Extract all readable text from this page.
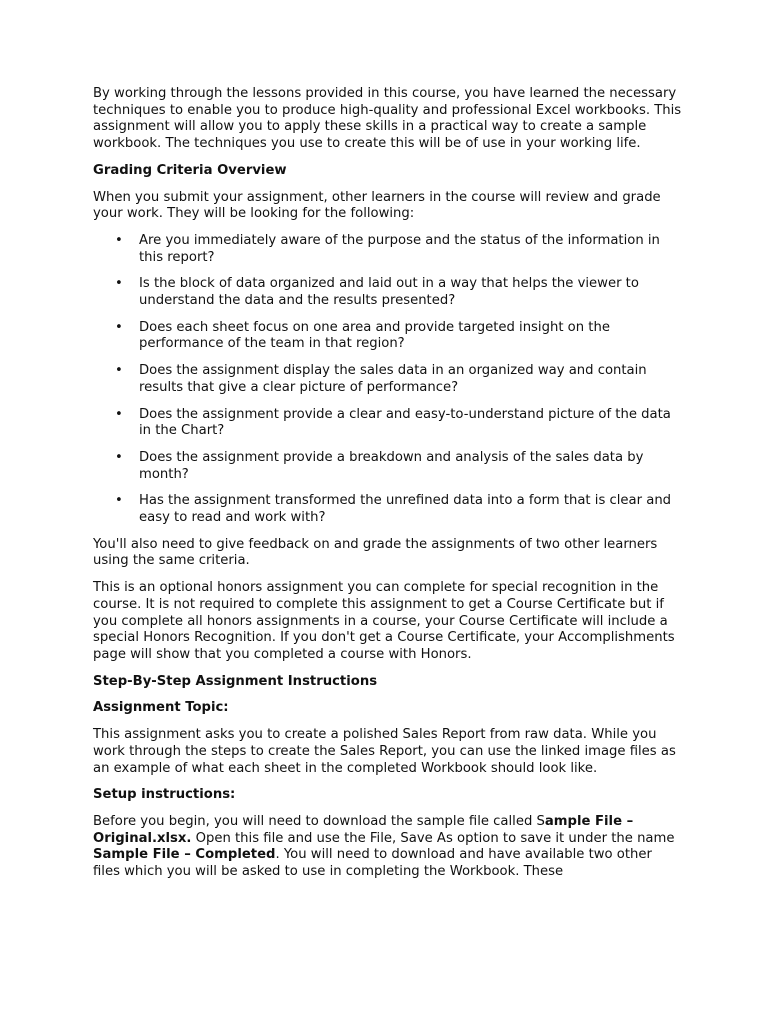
By working through the lessons provided in this course, you have learned the necessary techniques to enable you to produce high-quality and professional Excel workbooks. This assignment will allow you to apply these skills in a practical way to create a sample workbook. The techniques you use to create this will be of use in your working life.

Grading Criteria Overview

When you submit your assignment, other learners in the course will review and grade your work. They will be looking for the following:

• Are you immediately aware of the purpose and the status of the information in this report?
• Is the block of data organized and laid out in a way that helps the viewer to understand the data and the results presented?
• Does each sheet focus on one area and provide targeted insight on the performance of the team in that region?
• Does the assignment display the sales data in an organized way and contain results that give a clear picture of performance?
• Does the assignment provide a clear and easy-to-understand picture of the data in the Chart?
• Does the assignment provide a breakdown and analysis of the sales data by month?
• Has the assignment transformed the unrefined data into a form that is clear and easy to read and work with?

You'll also need to give feedback on and grade the assignments of two other learners using the same criteria.

This is an optional honors assignment you can complete for special recognition in the course. It is not required to complete this assignment to get a Course Certificate but if you complete all honors assignments in a course, your Course Certificate will include a special Honors Recognition. If you don't get a Course Certificate, your Accomplishments page will show that you completed a course with Honors.

Step-By-Step Assignment Instructions

Assignment Topic:

This assignment asks you to create a polished Sales Report from raw data. While you work through the steps to create the Sales Report, you can use the linked image files as an example of what each sheet in the completed Workbook should look like.

Setup instructions:

Before you begin, you will need to download the sample file called Sample File – Original.xlsx. Open this file and use the File, Save As option to save it under the name Sample File – Completed. You will need to download and have available two other files which you will be asked to use in completing the Workbook. These
